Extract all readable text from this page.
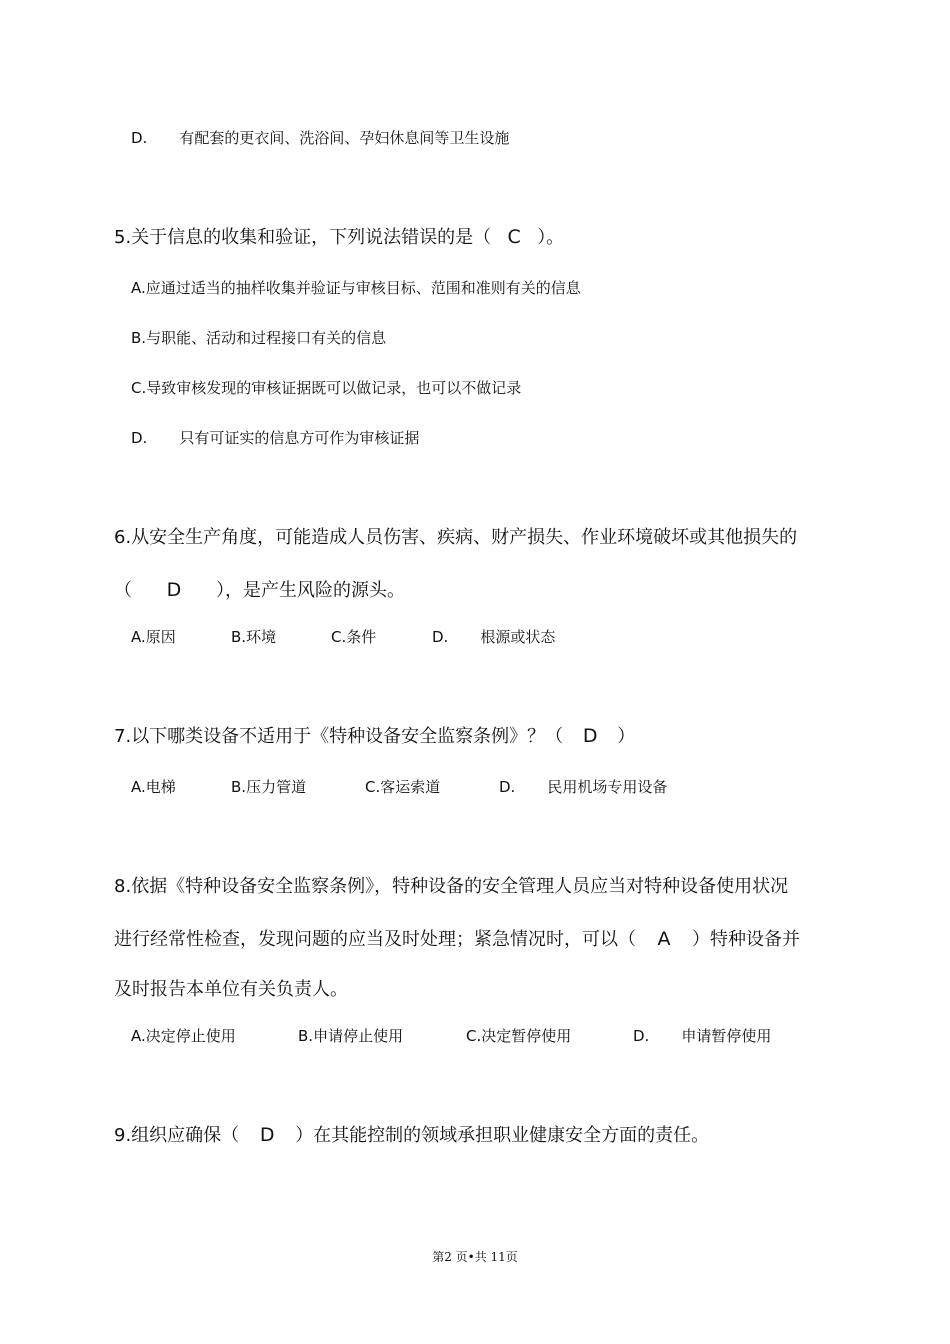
D. 有配套的更衣间、洗浴间、孕妇休息间等卫生设施
5.关于信息的收集和验证，下列说法错误的是（ C ）。
A.应通过适当的抽样收集并验证与审核目标、范围和准则有关的信息
B.与职能、活动和过程接口有关的信息
C.导致审核发现的审核证据既可以做记录，也可以不做记录
D. 只有可证实的信息方可作为审核证据
6.从安全生产角度，可能造成人员伤害、疾病、财产损失、作业环境破坏或其他损失的
（ D ），是产生风险的源头。
A.原因	B.环境	C.条件	D. 根源或状态
7.以下哪类设备不适用于《特种设备安全监察条例》？（ D ）
A.电梯	B.压力管道	C.客运索道	D. 民用机场专用设备
8.依据《特种设备安全监察条例》，特种设备的安全管理人员应当对特种设备使用状况
进行经常性检查，发现问题的应当及时处理；紧急情况时，可以（ A ）特种设备并
及时报告本单位有关负责人。
A.决定停止使用	B.申请停止使用	C.决定暂停使用	D. 申请暂停使用
9.组织应确保（ D ）在其能控制的领域承担职业健康安全方面的责任。
第2 页•共 11页
